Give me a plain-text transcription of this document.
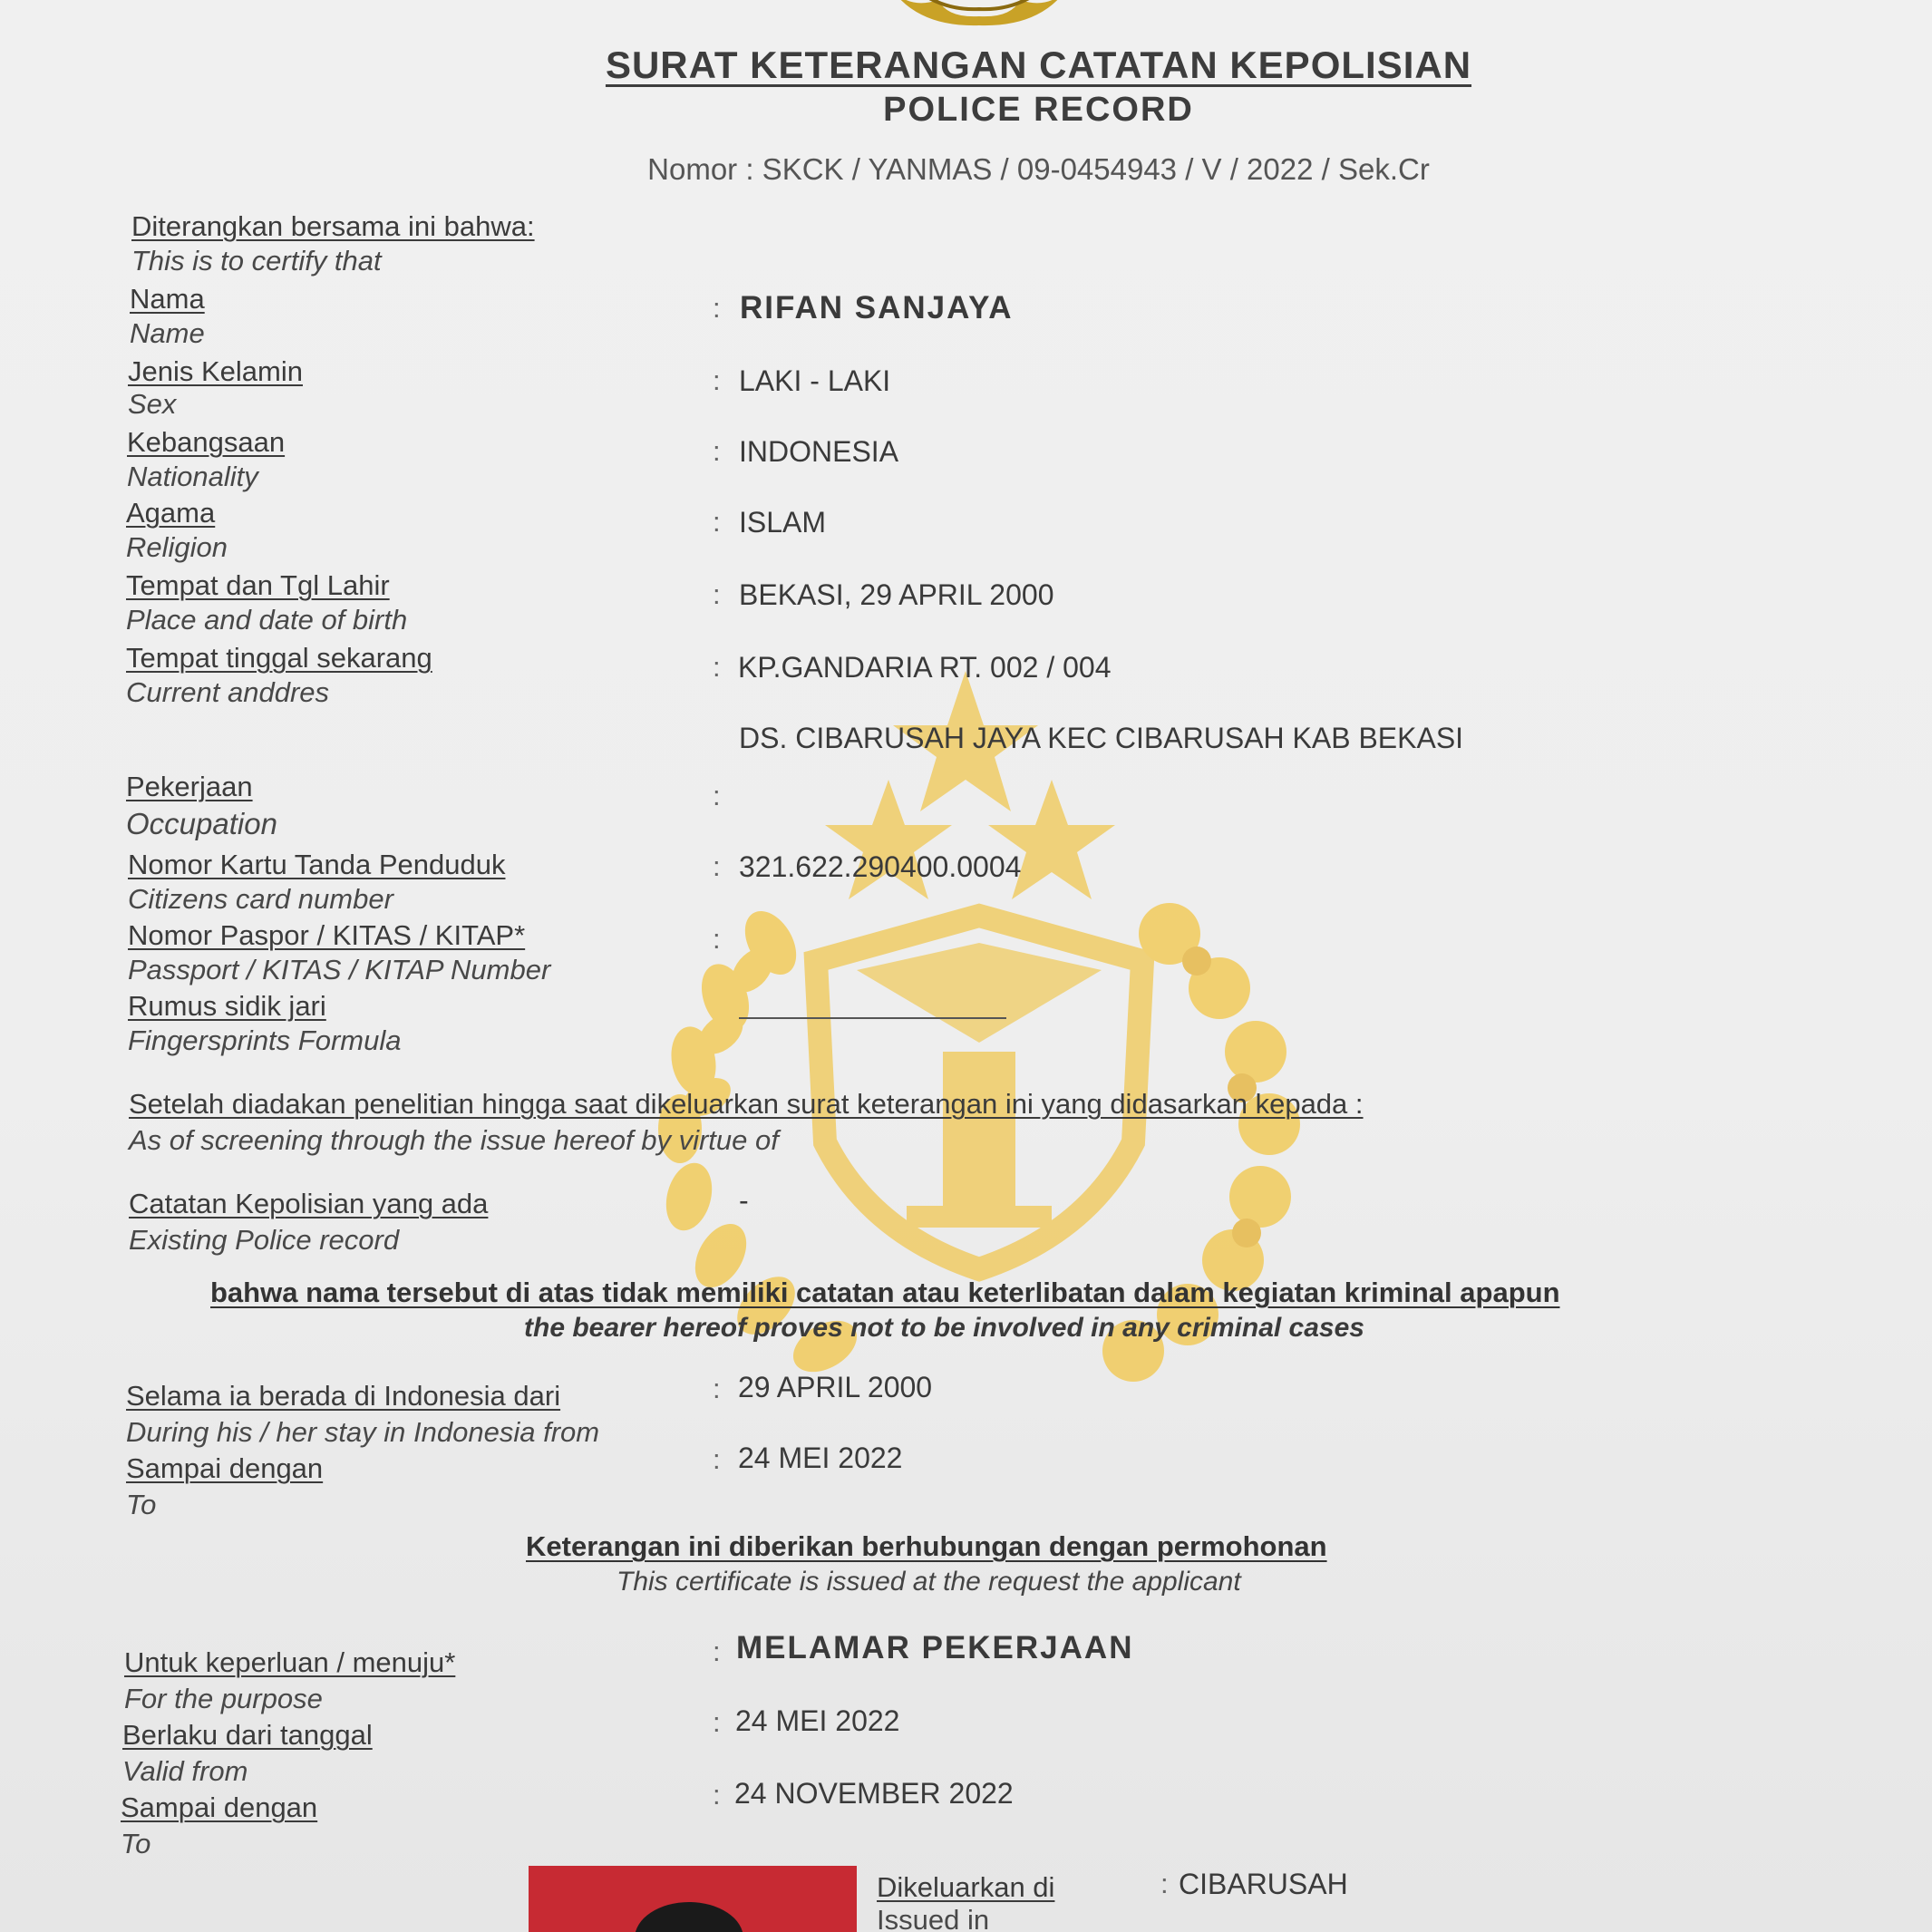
SURAT KETERANGAN CATATAN KEPOLISIAN
POLICE RECORD
Nomor : SKCK / YANMAS / 09-0454943 / V / 2022 / Sek.Cr
Diterangkan bersama ini bahwa:
This is to certify that
Nama
Name
: RIFAN SANJAYA
Jenis Kelamin
Sex
: LAKI - LAKI
Kebangsaan
Nationality
: INDONESIA
Agama
Religion
: ISLAM
Tempat dan Tgl Lahir
Place and date of birth
: BEKASI, 29 APRIL 2000
Tempat tinggal sekarang
Current anddres
: KP.GANDARIA RT. 002 / 004
DS. CIBARUSAH JAYA KEC CIBARUSAH KAB BEKASI
Pekerjaan
Occupation
:
Nomor Kartu Tanda Penduduk
Citizens card number
: 321.622.290400.0004
Nomor Paspor / KITAS / KITAP*
Passport / KITAS / KITAP Number
:
Rumus sidik jari
Fingersprints Formula
Setelah diadakan penelitian hingga saat dikeluarkan surat keterangan ini yang didasarkan kepada :
As of screening through the issue hereof by virtue of
Catatan Kepolisian yang ada
Existing Police record
-
bahwa nama tersebut di atas tidak memiliki catatan atau keterlibatan dalam kegiatan kriminal apapun
the bearer hereof proves not to be involved in any criminal cases
Selama ia berada di Indonesia dari
During his / her stay in Indonesia from
: 29 APRIL 2000
Sampai dengan
To
: 24 MEI 2022
Keterangan ini diberikan berhubungan dengan permohonan
This certificate is issued at the request the applicant
Untuk keperluan / menuju*
For the purpose
: MELAMAR PEKERJAAN
Berlaku dari tanggal
Valid from
: 24 MEI 2022
Sampai dengan
To
: 24 NOVEMBER 2022
Dikeluarkan di
Issued in
: CIBARUSAH
